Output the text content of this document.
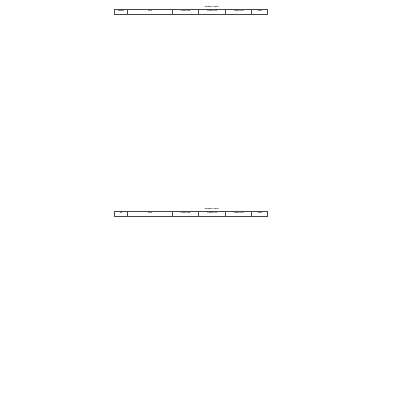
		NUMER CZĘŚCI			
Numer	OPIS	F300S-304	F300S-C16	F300S-C16	Ilość
		NUMER CZĘŚCI			
Nr	OPIS	F300S-304	F300S-C16	F300S-C16	Ilość
